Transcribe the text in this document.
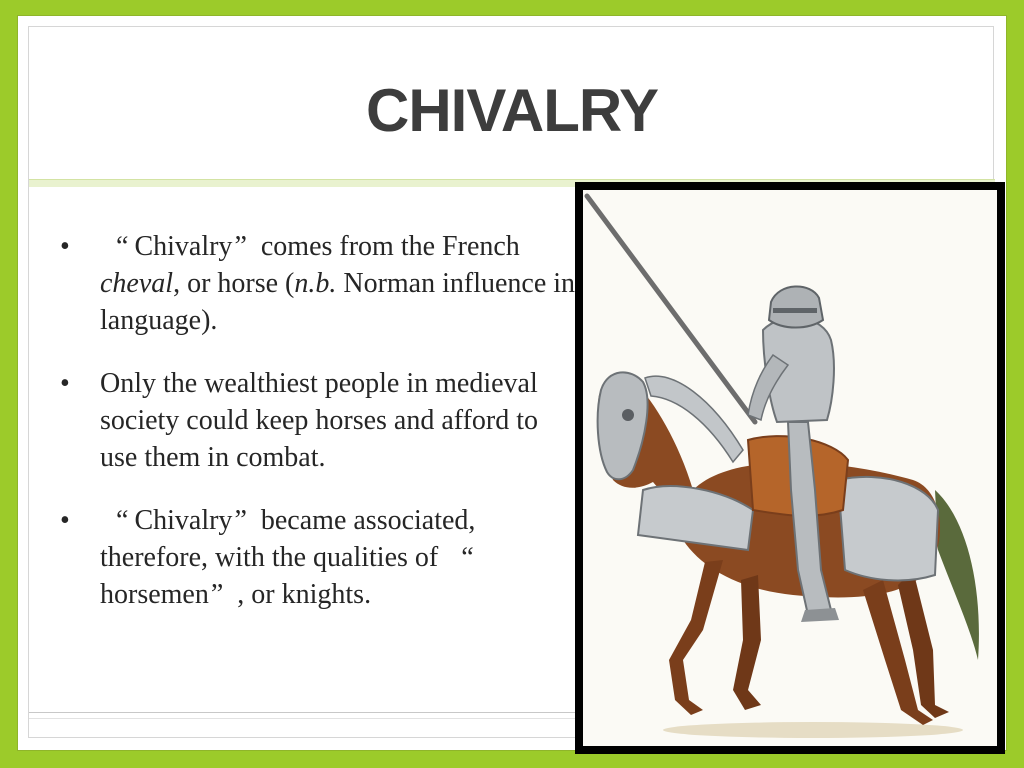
CHIVALRY
•	“ Chivalry” comes from the French cheval, or horse (n.b. Norman influence in language).
•	Only the wealthiest people in medieval society could keep horses and afford to use them in combat.
•	“ Chivalry” became associated, therefore, with the qualities of “horsemen” , or knights.
